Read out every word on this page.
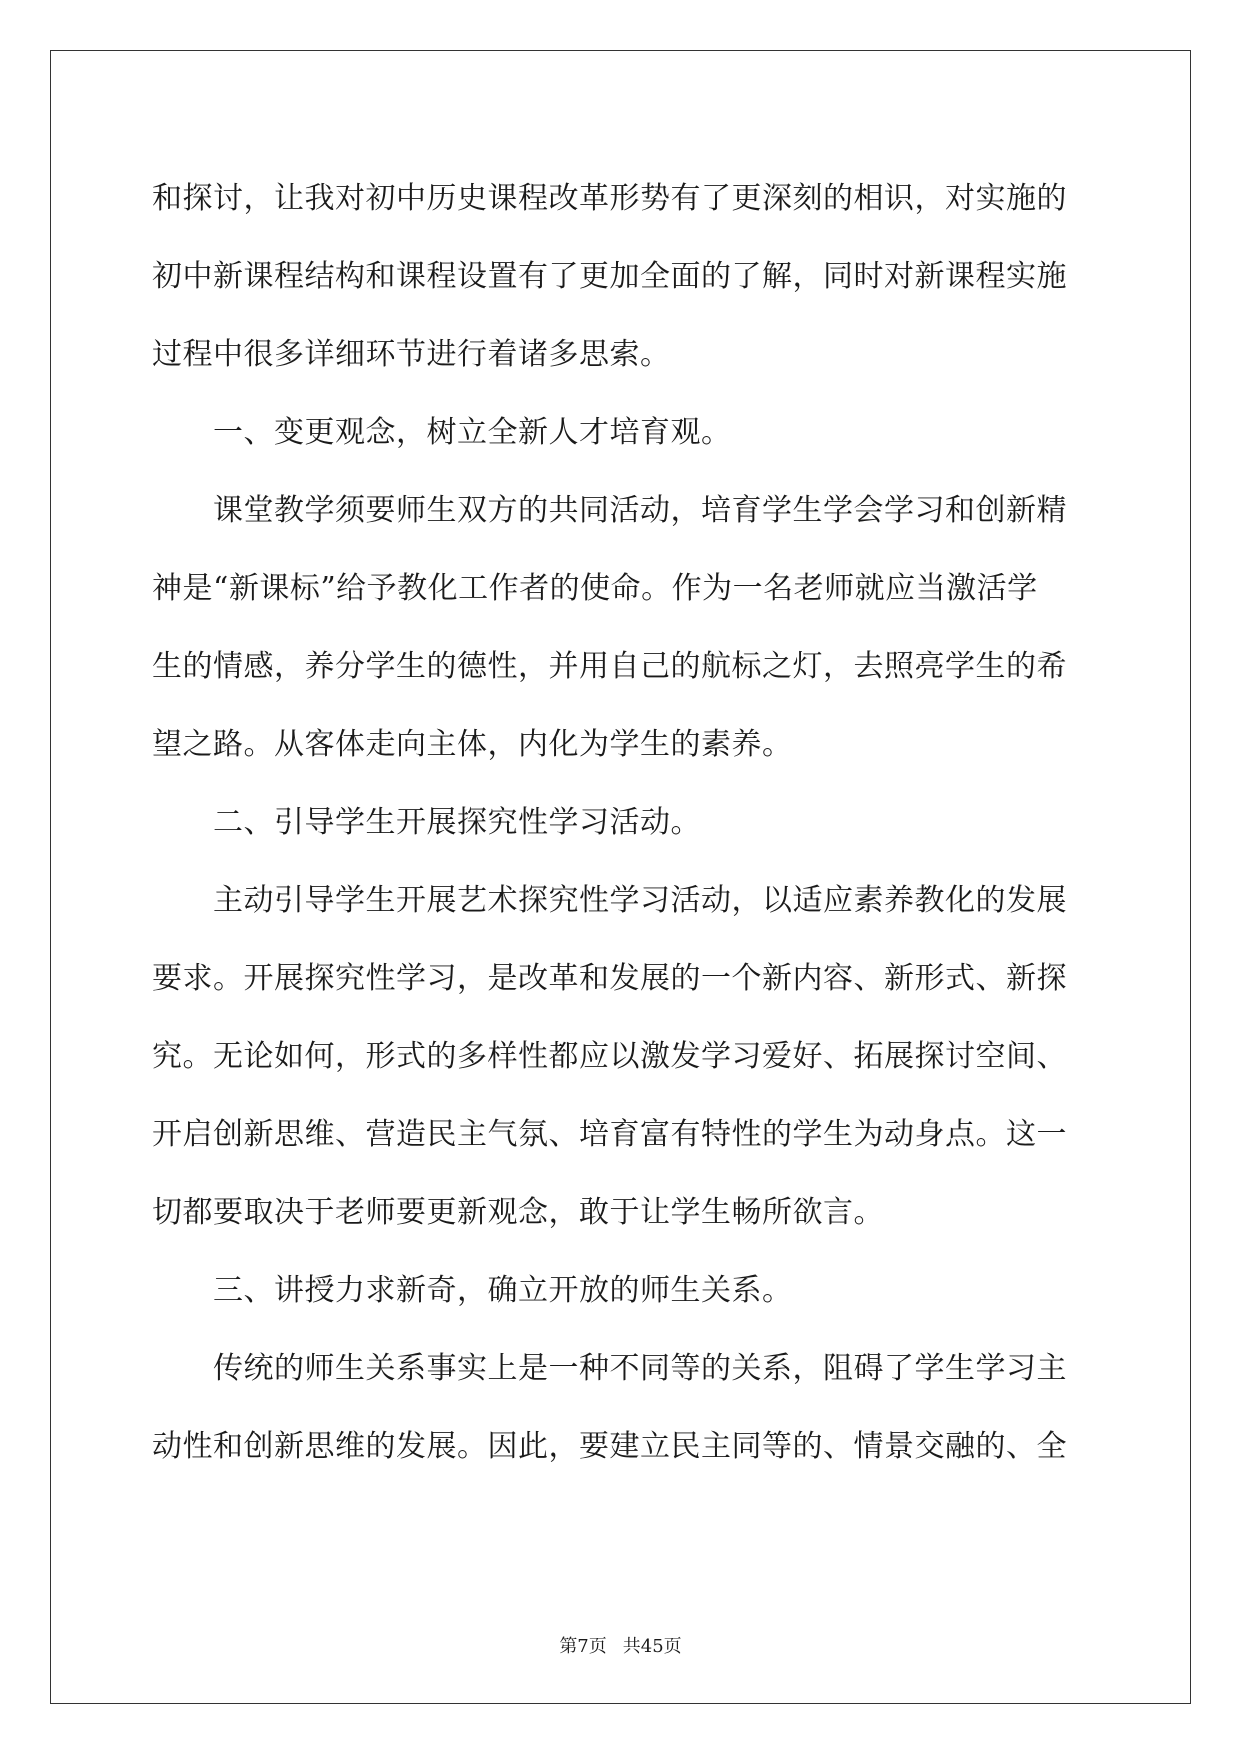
和探讨，让我对初中历史课程改革形势有了更深刻的相识，对实施的
初中新课程结构和课程设置有了更加全面的了解，同时对新课程实施
过程中很多详细环节进行着诸多思索。
　　一、变更观念，树立全新人才培育观。
　　课堂教学须要师生双方的共同活动，培育学生学会学习和创新精
神是“新课标”给予教化工作者的使命。作为一名老师就应当激活学
生的情感，养分学生的德性，并用自己的航标之灯，去照亮学生的希
望之路。从客体走向主体，内化为学生的素养。
　　二、引导学生开展探究性学习活动。
　　主动引导学生开展艺术探究性学习活动，以适应素养教化的发展
要求。开展探究性学习，是改革和发展的一个新内容、新形式、新探
究。无论如何，形式的多样性都应以激发学习爱好、拓展探讨空间、
开启创新思维、营造民主气氛、培育富有特性的学生为动身点。这一
切都要取决于老师要更新观念，敢于让学生畅所欲言。
　　三、讲授力求新奇，确立开放的师生关系。
　　传统的师生关系事实上是一种不同等的关系，阻碍了学生学习主
动性和创新思维的发展。因此，要建立民主同等的、情景交融的、全
第7页 共45页
